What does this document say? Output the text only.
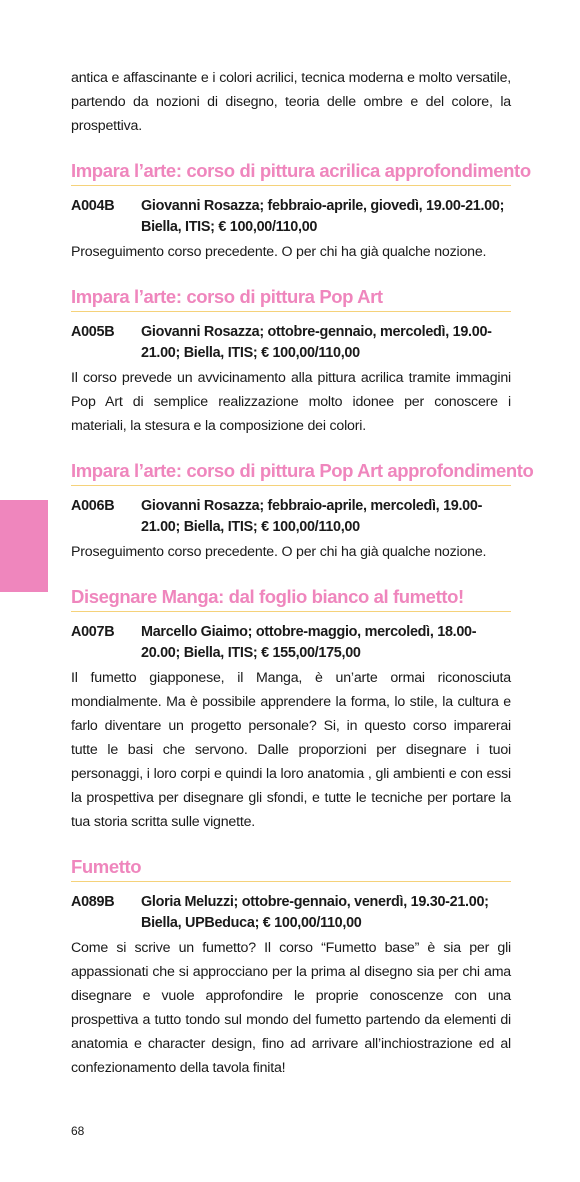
antica e affascinante e i colori acrilici, tecnica moderna e molto versatile, partendo da nozioni di disegno, teoria delle ombre e del colore, la prospettiva.

Impara l’arte: corso di pittura acrilica approfondimento
A004B	Giovanni Rosazza; febbraio-aprile, giovedì, 19.00-21.00; Biella, ITIS; € 100,00/110,00
Proseguimento corso precedente. O per chi ha già qualche nozione.
Impara l’arte: corso di pittura Pop Art
A005B	Giovanni Rosazza; ottobre-gennaio, mercoledì, 19.00-21.00; Biella, ITIS; € 100,00/110,00
Il corso prevede un avvicinamento alla pittura acrilica tramite immagini Pop Art di semplice realizzazione molto idonee per conoscere i materiali, la stesura e la composizione dei colori.
Impara l’arte: corso di pittura Pop Art approfondimento
A006B	Giovanni Rosazza; febbraio-aprile, mercoledì, 19.00-21.00; Biella, ITIS; € 100,00/110,00
Proseguimento corso precedente. O per chi ha già qualche nozione.
Disegnare Manga: dal foglio bianco al fumetto!
A007B	Marcello Giaimo; ottobre-maggio, mercoledì, 18.00-20.00; Biella, ITIS; € 155,00/175,00
Il fumetto giapponese, il Manga, è un’arte ormai riconosciuta mondialmente. Ma è possibile apprendere la forma, lo stile, la cultura e farlo diventare un progetto personale? Si, in questo corso imparerai tutte le basi che servono. Dalle proporzioni per disegnare i tuoi personaggi, i loro corpi e quindi la loro anatomia , gli ambienti e con essi la prospettiva per disegnare gli sfondi, e tutte le tecniche per portare la tua storia scritta sulle vignette.
Fumetto
A089B	Gloria Meluzzi; ottobre-gennaio, venerdì, 19.30-21.00; Biella, UPBeduca; € 100,00/110,00
Come si scrive un fumetto? Il corso “Fumetto base” è sia per gli appassionati che si approcciano per la prima al disegno sia per chi ama disegnare e vuole approfondire le proprie conoscenze con una prospettiva a tutto tondo sul mondo del fumetto partendo da elementi di anatomia e character design, fino ad arrivare all’inchiostrazione ed al confezionamento della tavola finita!
68
